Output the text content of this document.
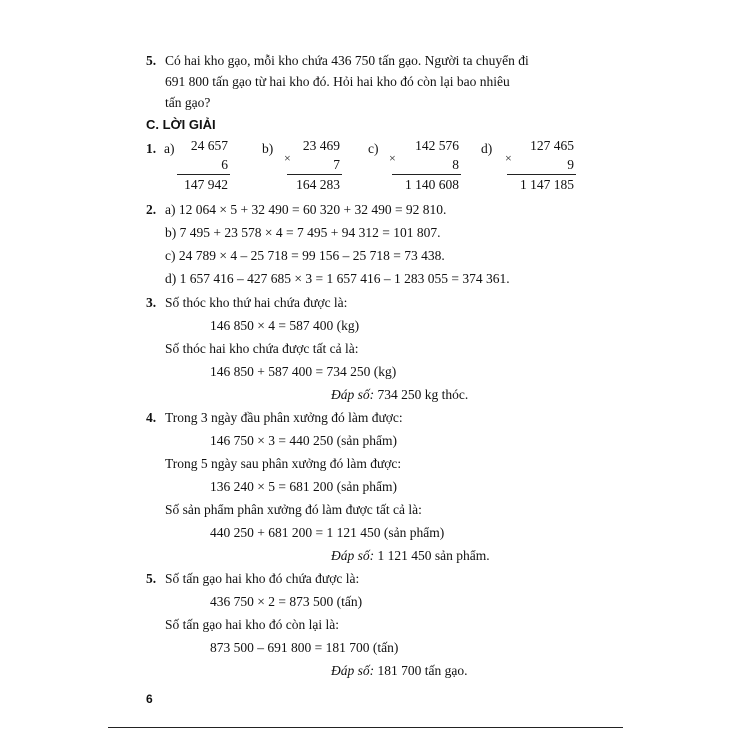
5. Có hai kho gạo, mỗi kho chứa 436 750 tấn gạo. Người ta chuyển đi
691 800 tấn gạo từ hai kho đó. Hỏi hai kho đó còn lại bao nhiêu
tấn gạo?
C. LỜI GIẢI
1. a)	24 657
6
147 942
b)	23 469
×	7
164 283
c)	142 576
×	8
1 140 608
d)	127 465
×	9
1 147 185
2. a) 12 064 × 5 + 32 490 = 60 320 + 32 490 = 92 810.
b) 7 495 + 23 578 × 4 = 7 495 + 94 312 = 101 807.
c) 24 789 × 4 – 25 718 = 99 156 – 25 718 = 73 438.
d) 1 657 416 – 427 685 × 3 = 1 657 416 – 1 283 055 = 374 361.
3. Số thóc kho thứ hai chứa được là:
146 850 × 4 = 587 400 (kg)
Số thóc hai kho chứa được tất cả là:
146 850 + 587 400 = 734 250 (kg)
Đáp số: 734 250 kg thóc.
4. Trong 3 ngày đầu phân xưởng đó làm được:
146 750 × 3 = 440 250 (sản phẩm)
Trong 5 ngày sau phân xưởng đó làm được:
136 240 × 5 = 681 200 (sản phẩm)
Số sản phẩm phân xưởng đó làm được tất cả là:
440 250 + 681 200 = 1 121 450 (sản phẩm)
Đáp số: 1 121 450 sản phẩm.
5. Số tấn gạo hai kho đó chứa được là:
436 750 × 2 = 873 500 (tấn)
Số tấn gạo hai kho đó còn lại là:
873 500 – 691 800 = 181 700 (tấn)
Đáp số: 181 700 tấn gạo.
6
